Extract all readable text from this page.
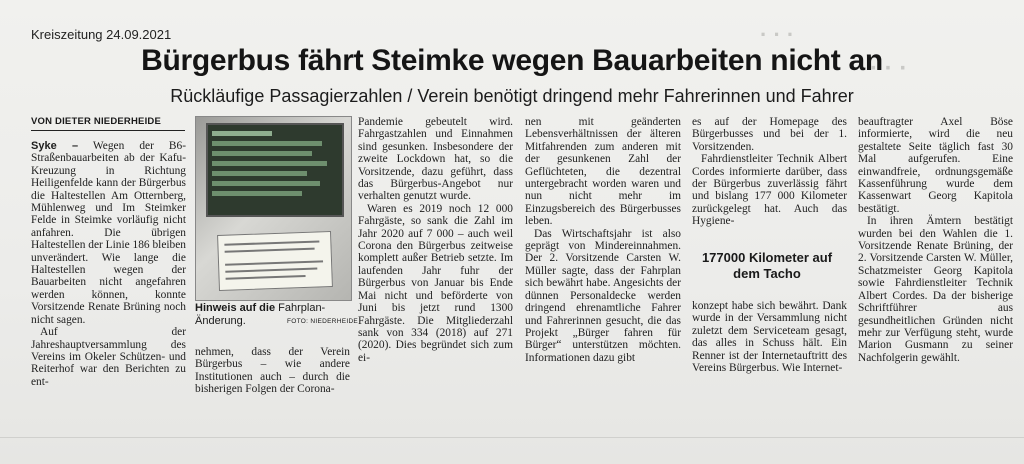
· · ·
· · ·
Kreiszeitung 24.09.2021
Bürgerbus fährt Steimke wegen Bauarbeiten nicht an
Rückläufige Passagierzahlen / Verein benötigt dringend mehr Fahrerinnen und Fahrer
VON DIETER NIEDERHEIDE

Syke – Wegen der B6-Straßenbauarbeiten ab der Kafu-Kreuzung in Richtung Heiligenfelde kann der Bürgerbus die Haltestellen Am Otternberg, Mühlenweg und Im Steimker Felde in Steimke vorläufig nicht anfahren. Die übrigen Haltestellen der Linie 186 bleiben unverändert. Wie lange die Haltestellen wegen der Bauarbeiten nicht angefahren werden können, konnte Vorsitzende Renate Brüning noch nicht sagen.

Auf der Jahreshauptversammlung des Vereins im Okeler Schützen- und Reiterhof war den Berichten zu ent-

Hinweis auf die Fahrplan-Änderung.	FOTO: NIEDERHEIDE

nehmen, dass der Verein Bürgerbus – wie andere Institutionen auch – durch die bisherigen Folgen der Corona-

Pandemie gebeutelt wird. Fahrgastzahlen und Einnahmen sind gesunken. Insbesondere der zweite Lockdown hat, so die Vorsitzende, dazu geführt, dass das Bürgerbus-Angebot nur verhalten genutzt wurde.

Waren es 2019 noch 12 000 Fahrgäste, so sank die Zahl im Jahr 2020 auf 7 000 – auch weil Corona den Bürgerbus zeitweise komplett außer Betrieb setzte. Im laufenden Jahr fuhr der Bürgerbus von Januar bis Ende Mai nicht und beförderte von Juni bis jetzt rund 1300 Fahrgäste. Die Mitgliederzahl sank von 334 (2018) auf 271 (2020). Dies begründet sich zum ei-

nen mit geänderten Lebensverhältnissen der älteren Mitfahrenden zum anderen mit der gesunkenen Zahl der Geflüchteten, die dezentral untergebracht worden waren und nun nicht mehr im Einzugsbereich des Bürgerbusses leben.

Das Wirtschaftsjahr ist also geprägt von Mindereinnahmen. Der 2. Vorsitzende Carsten W. Müller sagte, dass der Fahrplan sich bewährt habe. Angesichts der dünnen Personaldecke werden dringend ehrenamtliche Fahrer und Fahrerinnen gesucht, die das Projekt „Bürger fahren für Bürger“ unterstützen möchten. Informationen dazu gibt

es auf der Homepage des Bürgerbusses und bei der 1. Vorsitzenden.

Fahrdienstleiter Technik Albert Cordes informierte darüber, dass der Bürgerbus zuverlässig fährt und bislang 177 000 Kilometer zurückgelegt hat. Auch das Hygiene-

177000 Kilometer auf dem Tacho

konzept habe sich bewährt. Dank wurde in der Versammlung nicht zuletzt dem Serviceteam gesagt, das alles in Schuss hält. Ein Renner ist der Internetauftritt des Vereins Bürgerbus. Wie Internet-

beauftragter Axel Böse informierte, wird die neu gestaltete Seite täglich fast 30 Mal aufgerufen. Eine einwandfreie, ordnungsgemäße Kassenführung wurde dem Kassenwart Georg Kapitola bestätigt.

In ihren Ämtern bestätigt wurden bei den Wahlen die 1. Vorsitzende Renate Brüning, der 2. Vorsitzende Carsten W. Müller, Schatzmeister Georg Kapitola sowie Fahrdienstleiter Technik Albert Cordes. Da der bisherige Schriftführer aus gesundheitlichen Gründen nicht mehr zur Verfügung steht, wurde Marion Gusmann zu seiner Nachfolgerin gewählt.
